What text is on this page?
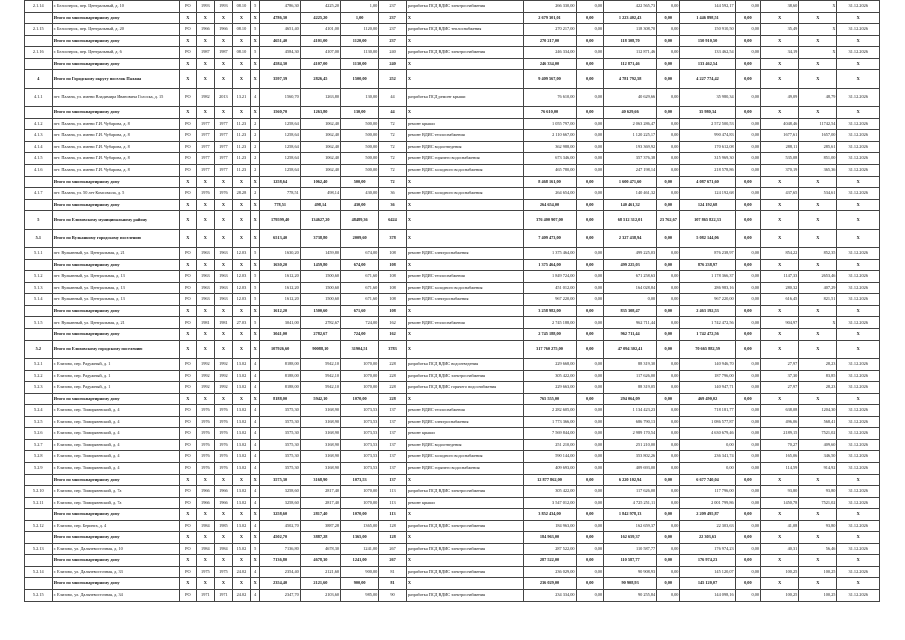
2.1.14	г. Белоозерск, пер. Центральный, д. 10	РО	1993	1993	08.10	5	4786,30	4225,20	1,00	237	разработка ПСД ВДИС электроснабжения	266 330,00	0,00	422 565,73	0,00	144 592,17	0,00	38,60	X	31.12.2026
	Итого по многоквартирному дому	X	X	X	X	X	4786,30	4225,20	1,00	237	X	2 679 301,01	0,00	1 223 402,43	0,00	1 446 898,51	0,00	X	X	X
2.1.15	г. Белоозерск, пер. Центральный, д. 20	РО	1966	1966	08.10	5	4651,40	4101,00	1120,00	237	разработка ПСД ВДИС теплоснабжения	270 217,00	0,00	118 308,70	0,00	150 910,50	0,00	35,49	X	31.12.2026
	Итого по многоквартирному дому	X	X	X	X	X	4651,40	4101,00	1120,00	237	X	270 217,00	0,00	118 308,70	0,00	150 910,50	0,00	X	X	X
2.1.16	г. Белоозерск, пер. Центральный, д. 6	РО	1987	1987	08.10	5	4584,30	4107,00	1130,00	240	разработка ПСД ВДИС электроснабжения	246 334,00	0,00	112 871,46	0,00	133 462,54	0,00	34,19	X	31.12.2026
	Итого по многоквартирному дому	X	X	X	X	X	4584,30	4107,00	1130,00	240	X	246 334,00	0,00	112 871,46	0,00	133 462,54	0,00	X	X	X
4	Итого по Городскому округу поселок Палана	X	X	X	X	X	3597,39	2826,45	1500,00	252	X	9 409 567,00	0,00	4 781 792,58	0,00	4 227 774,42	0,00	X	X	X
4.1.1	пгт. Палана, ул. имени Владимира Ивановича Голоска, д. 15	РО	1982	2013	13.21	4	1560,70	1263,80	130,00	44	разработка ПСД ремонт крыши	76 610,00	0,00	40 629,66	0,00	35 980,34	0,00	49,09	48,79	31.12.2026
	Итого по многоквартирному дому	X	X	X	X	X	1560,70	1263,80	130,00	44	X	76 610,00	0,00	40 629,66	0,00	35 980,34	0,00	X	X	X
4.1.2	пгт. Палана, ул. имени Г.И. Чубарова, д. 8	РО	1977	1977	11.23	2	1258,64	1062,40	500,00	72	ремонт крыши	1 055 797,00	0,00	2 063 286,47	0,00	2 572 500,53	0,00	4048,46	11742,54	31.12.2026
4.1.3	пгт. Палана, ул. имени Г.И. Чубарова, д. 8	РО	1977	1977	11.23	2	1258,64	1062,40	500,00	72	ремонт ВДИС теплоснабжения	2 110 667,00	0,00	1 120 225,17	0,00	990 474,83	0,00	1677,61	1657,00	31.12.2026
4.1.4	пгт. Палана, ул. имени Г.И. Чубарова, д. 8	РО	1977	1977	11.23	2	1258,64	1062,40	500,00	72	ремонт ВДИС водоотведения	362 988,00	0,00	193 369,92	0,00	170 612,08	0,00	288,11	285,61	31.12.2026
4.1.5	пгт. Палана, ул. имени Г.И. Чубарова, д. 8	РО	1977	1977	11.23	2	1258,64	1062,40	500,00	72	ремонт ВДИС горячего водоснабжения	673 346,00	0,00	357 376,38	0,00	315 969,30	0,00	535,08	851,00	31.12.2026
4.1.6	пгт. Палана, ул. имени Г.И. Чубарова, д. 8	РО	1977	1977	11.23	2	1258,64	1062,40	500,00	72	ремонт ВДИС холодного водоснабжения	465 780,00	0,00	247 198,14	0,00	218 578,86	0,00	370,19	365,36	31.12.2026
	Итого по многоквартирному дому	X	X	X	X	X	1258,64	1062,40	500,00	72	X	8 468 161,00	0,00	1 600 471,60	0,00	4 087 671,60	0,00	X	X	X
4.1.7	пгт. Палана, ул. 50 лет Комсомола, д. 5	РО	1976	1976	28.28	2	778,51	498,14	430,00	36	ремонт ВДИС холодного водоснабжения	264 654,00	0,00	140 461,32	0,00	124 192,68	0,00	437,65	534,61	31.12.2026
	Итого по многоквартирному дому	X	X	X	X	X	778,51	498,14	430,00	36	X	264 654,00	0,00	140 461,32	0,00	124 192,68	0,00	X	X	X
5	Итого по Елизовскому муниципальному району	X	X	X	X	X	179599,40	134627,20	48489,36	6424	X	376 400 907,00	0,00	68 512 312,01	23 762,67	107 865 822,33	0,00	X	X	X
5.1	Итого по Вулканному городскому поселению	X	X	X	X	X	6513,40	3738,80	2009,60	378	X	7 409 473,00	0,00	2 327 438,94	0,00	5 082 144,06	0,00	X	X	X
5.1.1	пгт. Вулканный, ул. Центральная, д. 21	РО	1963	1963	12.03	5	1630,20	1459,80	674,00	108	ремонт ВДИС электроснабжения	1 375 464,00	0,00	499 225,03	0,00	876 238,97	0,00	854,22	852,35	31.12.2026
	Итого по многоквартирному дому	X	X	X	X	X	1630,20	1459,80	674,00	108	X	1 375 464,00	0,00	499 225,03	0,00	876 238,97	0,00	X	X	X
5.1.2	пгт. Вулканный, ул. Центральная, д. 13	РО	1963	1963	12.03	5	1612,20	1500,60	671,60	108	ремонт ВДИС теплоснабжения	1 849 724,00	0,00	671 258,63	0,00	1 178 366,37	0,00	1147,33	2653,46	31.12.2026
5.1.3	пгт. Вулканный, ул. Центральная, д. 13	РО	1963	1963	12.03	5	1612,20	1500,60	671,60	108	ремонт ВДИС холодного водоснабжения	451 012,00	0,00	164 028,84	0,00	286 983,16	0,00	280,32	407,29	31.12.2026
5.1.4	пгт. Вулканный, ул. Центральная, д. 13	РО	1963	1963	12.03	5	1612,20	1500,60	671,60	108	ремонт ВДИС электроснабжения	967 220,00	0,00	0,00	0,00	967 220,00	0,00	616,45	821,51	31.12.2026
	Итого по многоквартирному дому	X	X	X	X	X	1612,20	1500,60	671,60	108	X	3 258 982,00	0,00	835 308,47	0,00	2 463 192,53	0,00	X	X	X
5.1.5	пгт. Вулканный, ул. Центральная, д. 21	РО	1981	1981	27.03	5	3041,00	2782,67	724,00	162	ремонт ВДИС теплоснабжения	2 745 188,00	0,00	962 711,44	0,00	1 742 472,56	0,00	904,97	X	31.12.2026
	Итого по многоквартирному дому	X	X	X	X	X	3041,00	2782,67	724,00	162	X	2 745 188,00	0,00	962 711,44	0,00	1 742 472,56	0,00	X	X	X
5.2	Итого по Елизовскому городскому поселению	X	X	X	X	X	107926,60	90088,10	31904,51	3783	X	317 760 275,00	0,00	47 094 302,41	0,00	70 665 882,59	0,00	X	X	X
5.2.1	г. Елизово, пер. Радужный, д. 1	РО	1992	1992	13.02	4	8188,00	5942,10	1070,00	228	разработка ПСД ВДИС водоотведения	229 668,00	0,00	88 319,30	0,00	140 946,70	0,00	27,97	28,23	31.12.2026
5.2.2	г. Елизово, пер. Радужный, д. 1	РО	1992	1992	13.02	4	8188,00	5942,10	1070,00	228	разработка ПСД ВДИС электроснабжения	305 422,00	0,00	117 626,00	0,00	187 796,00	0,00	37,30	83,85	31.12.2026
5.2.3	г. Елизово, пер. Радужный, д. 1	РО	1992	1992	13.02	4	8188,00	5942,10	1070,00	228	разработка ПСД ВДИС горячего водоснабжения	229 663,00	0,00	88 319,05	0,00	140 947,71	0,00	27,97	28,23	31.12.2026
	Итого по многоквартирному дому	X	X	X	X	X	8188,00	5942,10	1070,00	228	X	765 555,00	0,00	294 064,09	0,00	469 490,02	0,00	X	X	X
5.2.4	г. Елизово, пер. Тимирязевский, д. 4	РО	1976	1976	13.02	4	3575,30	3168,90	1073,53	137	ремонт ВДИС теплоснабжения	2 282 605,00	0,00	1 134 423,23	0,00	718 181,77	0,00	638,08	1204,30	31.12.2026
5.2.5	г. Елизово, пер. Тимирязевский, д. 4	РО	1976	1976	13.02	4	3575,30	3168,90	1073,53	137	ремонт ВДИС электроснабжения	1 773 366,00	0,00	686 790,13	0,00	1 086 577,87	0,00	496,06	568,41	31.12.2026
5.2.6	г. Елизово, пер. Тимирязевский, д. 4	РО	1976	1976	13.02	4	3575,30	3168,90	1073,53	137	ремонт крыши	7 569 844,00	0,00	2 989 170,54	0,00	4 630 679,46	0,00	2189,15	7521,02	31.12.2026
5.2.7	г. Елизово, пер. Тимирязевский, д. 4	РО	1976	1976	13.02	4	3575,30	3168,90	1073,53	137	ремонт ВДИС водоотведения	251 210,00	0,00	251 210,00	0,00	0,00	0,00	70,27	409,60	31.12.2026
5.2.8	г. Елизово, пер. Тимирязевский, д. 4	РО	1976	1976	13.02	4	3575,30	3168,90	1073,53	137	ремонт ВДИС холодного водоснабжения	590 144,00	0,00	353 802,26	0,00	236 341,74	0,00	165,06	346,50	31.12.2026
5.2.9	г. Елизово, пер. Тимирязевский, д. 4	РО	1976	1976	13.02	4	3575,30	3168,90	1073,53	137	ремонт ВДИС горячего водоснабжения	409 693,00	0,00	409 693,00	0,00	0,00	0,00	114,59	914,92	31.12.2026
	Итого по многоквартирному дому	X	X	X	X	X	3575,30	3168,90	1073,53	137	X	12 877 862,00	0,00	6 220 102,94	0,00	6 677 740,04	0,00	X	X	X
5.2.10	г. Елизово, пер. Тимирязевский, д. 7а	РО	1966	1966	13.02	4	3258,60	2817,40	1070,00	113	разработка ПСД ВДИС электроснабжения	305 422,00	0,00	117 626,00	0,00	117 796,00	0,00	93,80	93,80	31.12.2026
5.2.11	г. Елизово, пер. Тимирязевский, д. 7а	РО	1966	1966	13.02	4	3258,60	2817,40	1070,00	113	ремонт крыши	3 547 012,00	0,00	4 725 251,11	0,00	2 001 799,86	0,00	1450,78	7521,02	31.12.2026
	Итого по многоквартирному дому	X	X	X	X	X	3258,60	2817,40	1070,00	113	X	3 852 434,00	0,00	1 842 978,13	0,00	2 209 495,87	0,00	X	X	X
5.2.12	г. Елизово, пер. Беринга, д. 4	РО	1984	1985	13.02	4	4502,70	3887,28	1365,00	128	разработка ПСД ВДИС электроснабжения	184 963,00	0,00	162 659,37	0,00	22 303,63	0,00	41,08	93,80	31.12.2026
	Итого по многоквартирному дому	X	X	X	X	X	4502,70	3887,28	1365,00	128	X	184 963,00	0,00	162 659,37	0,00	22 303,63	0,00	X	X	X
5.2.13	г. Елизово, ул. Дальневосточная, д. 10	РО	1984	1984	15.02	5	7136,80	4678,30	1241,00	267	разработка ПСД ВДИС электроснабжения	287 522,00	0,00	110 587,77	0,00	176 974,23	0,00	40,31	56,46	31.12.2026
	Итого по многоквартирному дому	X	X	X	X	X	7136,80	4678,30	1241,00	267	X	287 522,00	0,00	110 587,77	0,00	176 974,23	0,00	X	X	X
5.2.14	г. Елизово, ул. Дальневосточная, д. 33	РО	1975	1975	24.02	4	2354,40	2121,60	900,00	81	разработка ПСД ВДИС электроснабжения	236 029,00	0,00	90 908,93	0,00	145 120,07	0,00	100,25	100,25	31.12.2026
	Итого по многоквартирному дому	X	X	X	X	X	2354,40	2121,60	900,00	81	X	236 029,00	0,00	90 908,93	0,00	145 120,07	0,00	X	X	X
5.2.15	г. Елизово, ул. Дальневосточная, д. 34	РО	1971	1971	24.02	4	2347,70	2103,60	985,00	90	разработка ПСД ВДИС электроснабжения	234 334,00	0,00	90 255,84	0,00	144 098,16	0,00	100,25	100,25	31.12.2026
